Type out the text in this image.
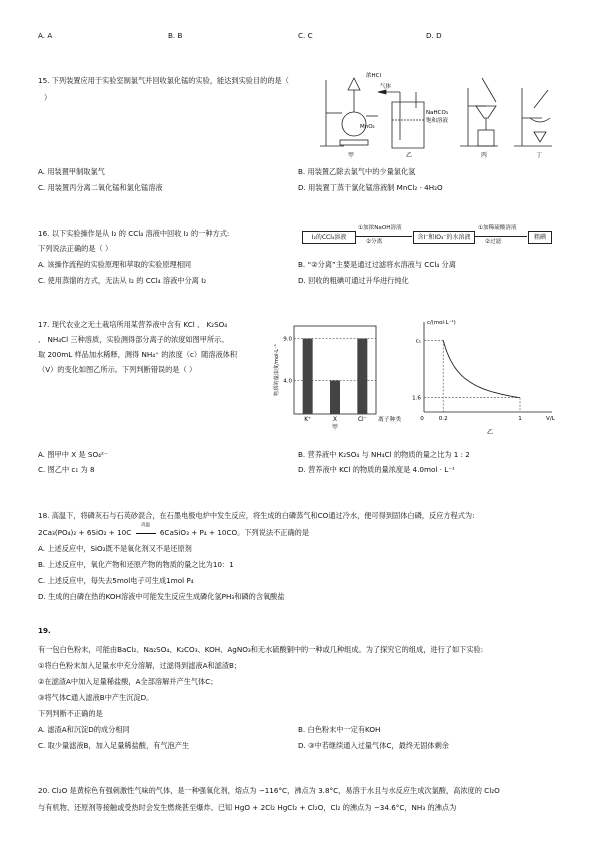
A. A	B. B	C. C	D. D
15. 下列装置应用于实验室制氯气并回收氯化锰的实验，能达到实验目的的是（
）
浓HCl
MnO₂
甲
气体
NaHCO₃
饱和溶液
乙	丙	丁
A. 用装置甲制取氯气	B. 用装置乙除去氯气中的少量氯化氢
C. 用装置丙分离二氧化锰和氯化锰溶液	D. 用装置丁蒸干氯化锰溶液制 MnCl₂ · 4H₂O
16. 以下实验操作是从 I₂ 的 CCl₄ 溶液中回收 I₂ 的一种方式:
下列说法正确的是（ ）
I₂的CCl₄溶液
①加浓NaOH溶液
②分离
含I⁻和IO₃⁻的水溶液
①加稀硫酸溶液
②过滤
粗碘
A. 该操作流程的实验原理和萃取的实验原理相同	B. “②分离”主要是通过过滤将水溶液与 CCl₄ 分离
C. 使用蒸馏的方式，无法从 I₂ 的 CCl₄ 溶液中分离 I₂	D. 回收的粗碘可通过升华进行纯化
17. 现代农业之无土栽培所用某营养液中含有 KCl 、 K₂SO₄
、 NH₄Cl 三种溶质，实验测得部分离子的浓度如图甲所示。
取 200mL 样品加水稀释，测得 NH₄⁺ 的浓度（c）随溶液体积
（V）的变化如图乙所示。下列判断错误的是（ ）
4.0
9.0
K⁺	X	Cl⁻ 离子种类
物质的量浓度/mol·L⁻¹
甲
c/(mol·L⁻¹)
V/L
c₁
1.6
0	0.2	1
乙
A. 图甲中 X 是 SO₄²⁻	B. 营养液中 K₂SO₄ 与 NH₄Cl 的物质的量之比为 1 : 2
C. 图乙中 c₁ 为 8	D. 营养液中 KCl 的物质的量浓度是 4.0mol · L⁻¹
18. 高温下，将磷灰石与石英砂混合，在石墨电极电炉中发生反应，将生成的白磷蒸气和CO通过冷水，便可得到固体白磷，反应方程式为:
2Ca₃(PO₄)₂ + 6SiO₂ + 10C
高温
6CaSiO₃ + P₄ + 10CO。下列说法不正确的是
A. 上述反应中，SiO₂既不是氧化剂又不是还原剂
B. 上述反应中，氧化产物和还原产物的物质的量之比为10：1
C. 上述反应中，每失去5mol电子可生成1mol P₄
D. 生成的白磷在热的KOH溶液中可能发生反应生成磷化氢PH₃和磷的含氧酸盐
19.
有一包白色粉末，可能由BaCl₂、Na₂SO₄、K₂CO₃、KOH、AgNO₃和无水硫酸铜中的一种或几种组成。为了探究它的组成，进行了如下实验:
①将白色粉末加入足量水中充分溶解，过滤得到滤液A和滤渣B；
②在滤渣A中加入足量稀盐酸，A全部溶解并产生气体C；
③将气体C通入滤液B中产生沉淀D。
下列判断不正确的是
A. 滤渣A和沉淀D的成分相同	B. 白色粉末中一定有KOH
C. 取少量滤液B，加入足量稀盐酸，有气泡产生	D. ③中若继续通入过量气体C，最终无固体剩余
20. Cl₂O 是黄棕色有强刺激性气味的气体，是一种强氧化剂，熔点为 −116°C，沸点为 3.8°C，易溶于水且与水反应生成次氯酸，高浓度的 Cl₂O
与有机物、还原剂等接触或受热时会发生燃烧甚至爆炸。已知 HgO + 2Cl₂ HgCl₂ + Cl₂O，Cl₂ 的沸点为 −34.6°C，NH₃ 的沸点为
